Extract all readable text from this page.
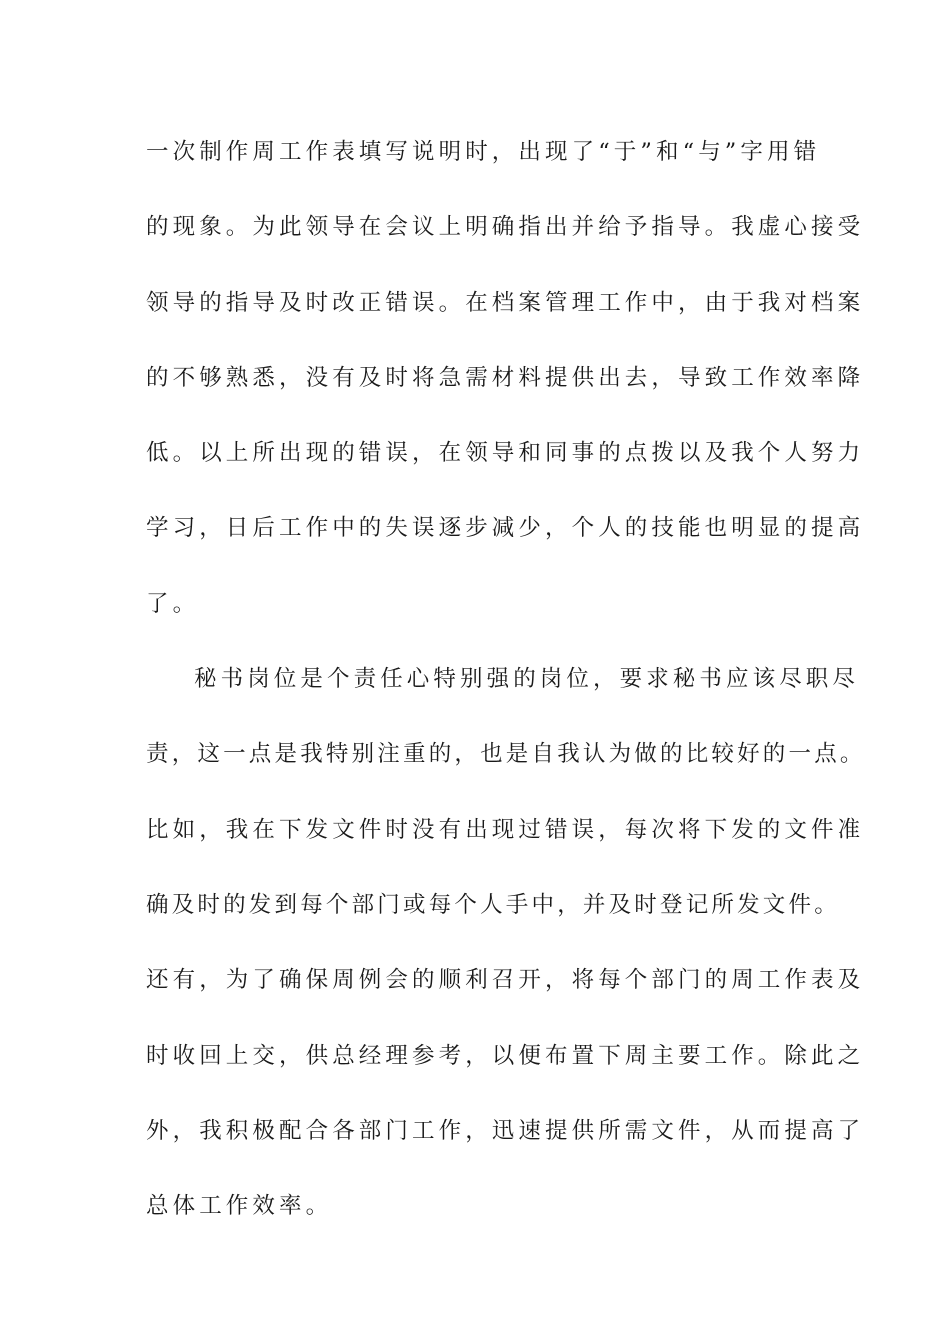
一次制作周工作表填写说明时，出现了“于”和“与”字用错
的现象。为此领导在会议上明确指出并给予指导。我虚心接受
领导的指导及时改正错误。在档案管理工作中，由于我对档案
的不够熟悉，没有及时将急需材料提供出去，导致工作效率降
低。以上所出现的错误，在领导和同事的点拨以及我个人努力
学习，日后工作中的失误逐步减少，个人的技能也明显的提高
了。
秘书岗位是个责任心特别强的岗位，要求秘书应该尽职尽
责，这一点是我特别注重的，也是自我认为做的比较好的一点。
比如，我在下发文件时没有出现过错误，每次将下发的文件准
确及时的发到每个部门或每个人手中，并及时登记所发文件。
还有，为了确保周例会的顺利召开，将每个部门的周工作表及
时收回上交，供总经理参考，以便布置下周主要工作。除此之
外，我积极配合各部门工作，迅速提供所需文件，从而提高了
总体工作效率。
